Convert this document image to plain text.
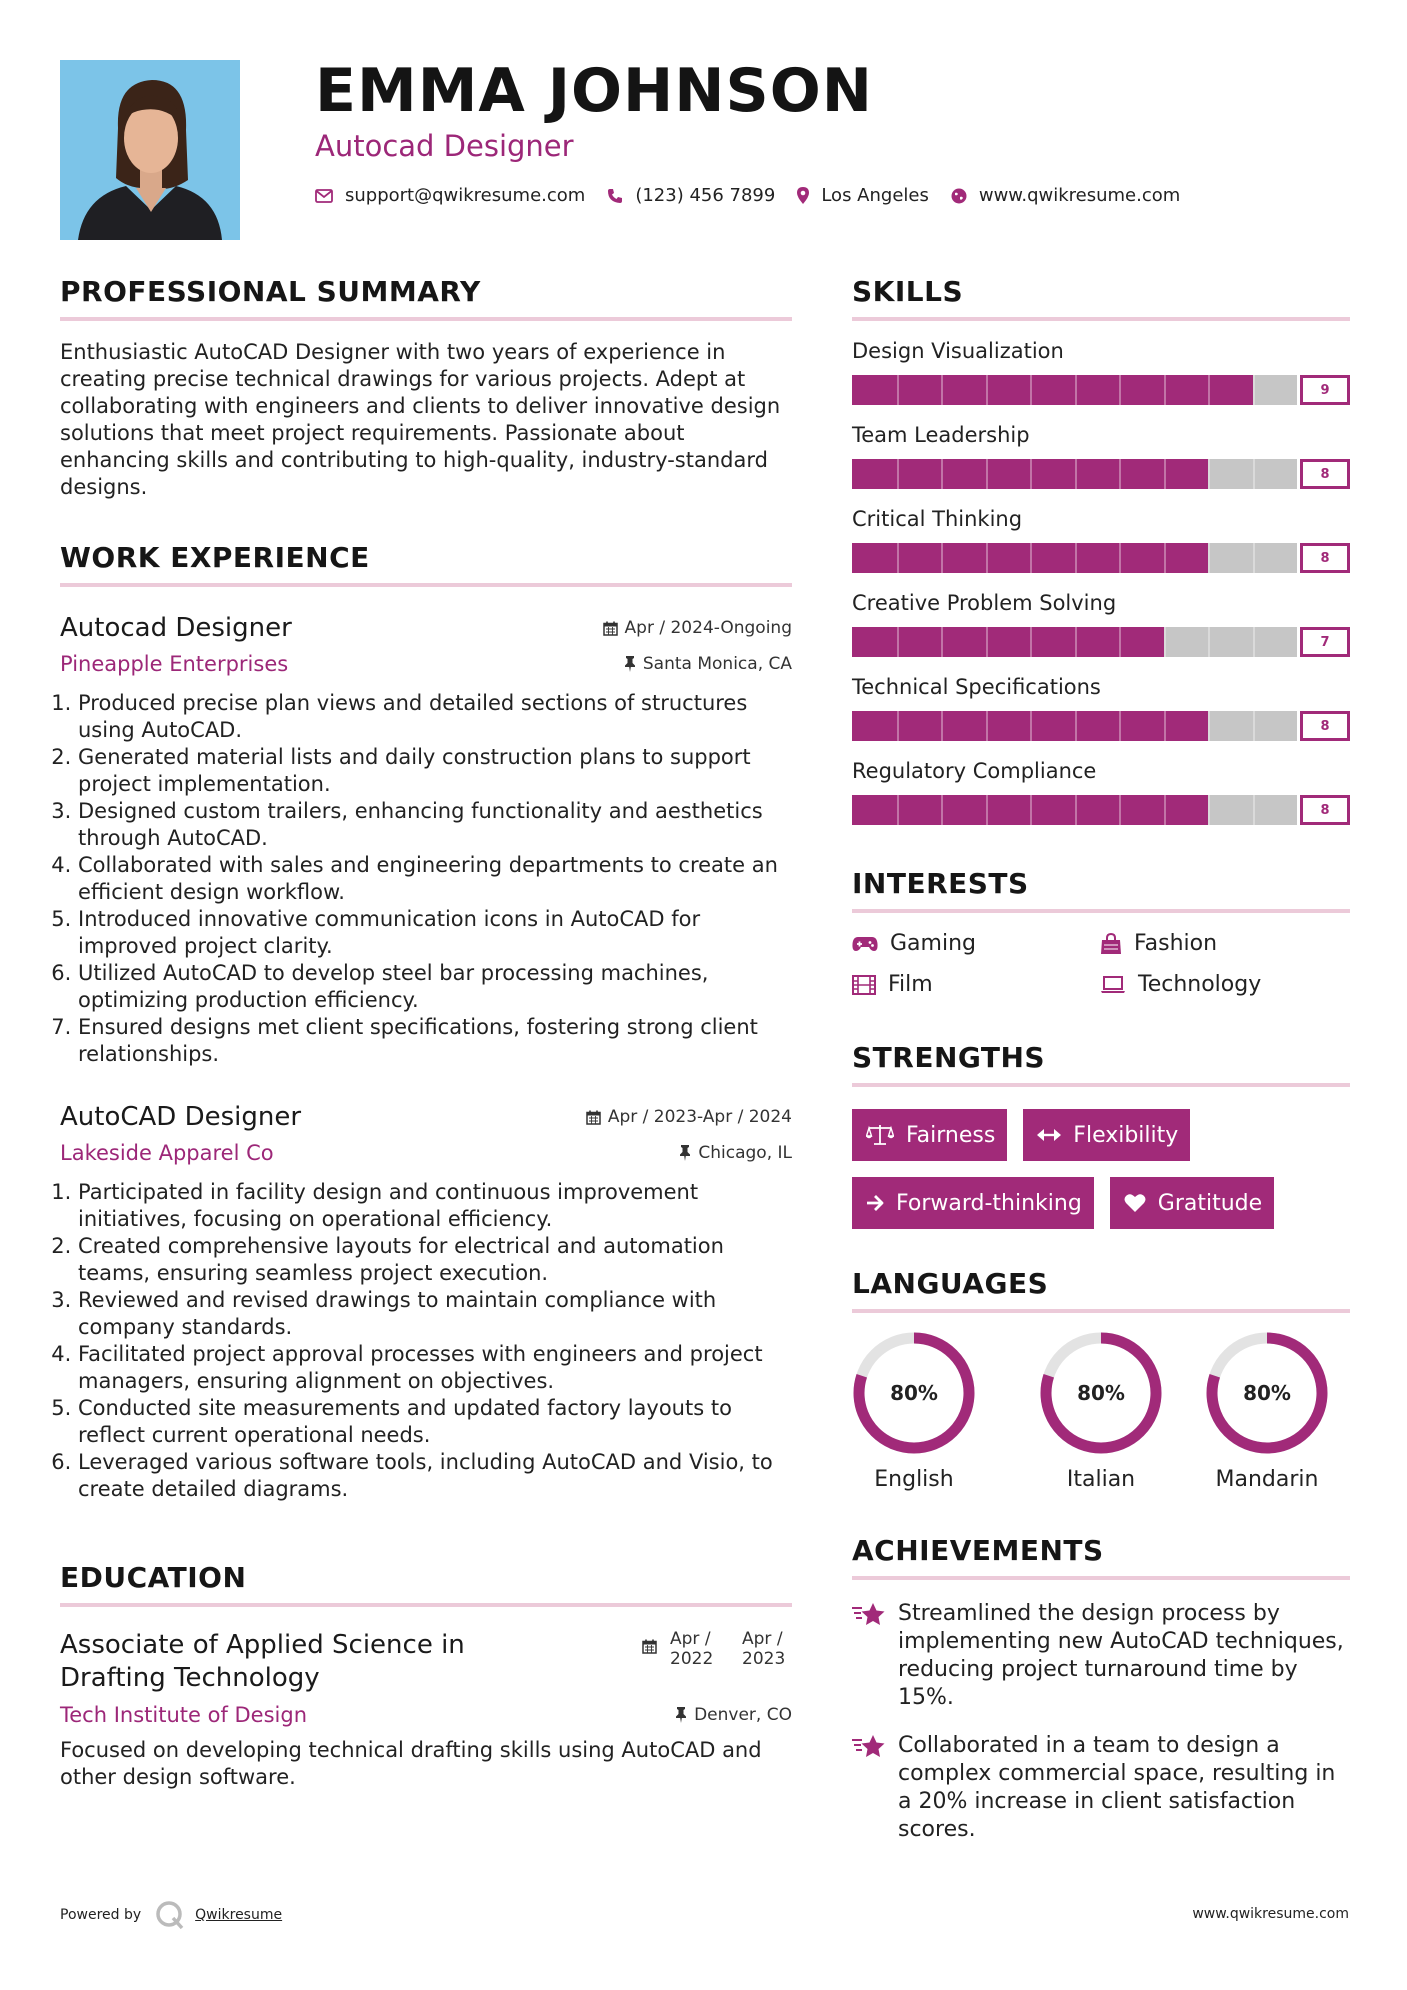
EMMA JOHNSON
Autocad Designer
support@qwikresume.com	(123) 456 7899	Los Angeles	www.qwikresume.com
PROFESSIONAL SUMMARY
Enthusiastic AutoCAD Designer with two years of experience in creating precise technical drawings for various projects. Adept at collaborating with engineers and clients to deliver innovative design solutions that meet project requirements. Passionate about enhancing skills and contributing to high-quality, industry-standard designs.
WORK EXPERIENCE
Autocad Designer	Apr / 2024-Ongoing
Pineapple Enterprises	Santa Monica, CA
1. Produced precise plan views and detailed sections of structures using AutoCAD.
2. Generated material lists and daily construction plans to support project implementation.
3. Designed custom trailers, enhancing functionality and aesthetics through AutoCAD.
4. Collaborated with sales and engineering departments to create an efficient design workflow.
5. Introduced innovative communication icons in AutoCAD for improved project clarity.
6. Utilized AutoCAD to develop steel bar processing machines, optimizing production efficiency.
7. Ensured designs met client specifications, fostering strong client relationships.
AutoCAD Designer	Apr / 2023-Apr / 2024
Lakeside Apparel Co	Chicago, IL
1. Participated in facility design and continuous improvement initiatives, focusing on operational efficiency.
2. Created comprehensive layouts for electrical and automation teams, ensuring seamless project execution.
3. Reviewed and revised drawings to maintain compliance with company standards.
4. Facilitated project approval processes with engineers and project managers, ensuring alignment on objectives.
5. Conducted site measurements and updated factory layouts to reflect current operational needs.
6. Leveraged various software tools, including AutoCAD and Visio, to create detailed diagrams.
EDUCATION
Associate of Applied Science in Drafting Technology
Apr / 2022
Apr / 2023
Tech Institute of Design	Denver, CO
Focused on developing technical drafting skills using AutoCAD and other design software.
SKILLS
Design Visualization
9
Team Leadership
8
Critical Thinking
8
Creative Problem Solving
7
Technical Specifications
8
Regulatory Compliance
8
INTERESTS
Gaming	Fashion
Film	Technology
STRENGTHS
Fairness	Flexibility
Forward-thinking	Gratitude
LANGUAGES
80%
English
80%
Italian
80%
Mandarin
ACHIEVEMENTS
Streamlined the design process by implementing new AutoCAD techniques, reducing project turnaround time by 15%.
Collaborated in a team to design a complex commercial space, resulting in a 20% increase in client satisfaction scores.
Powered by	Qwikresume	www.qwikresume.com
